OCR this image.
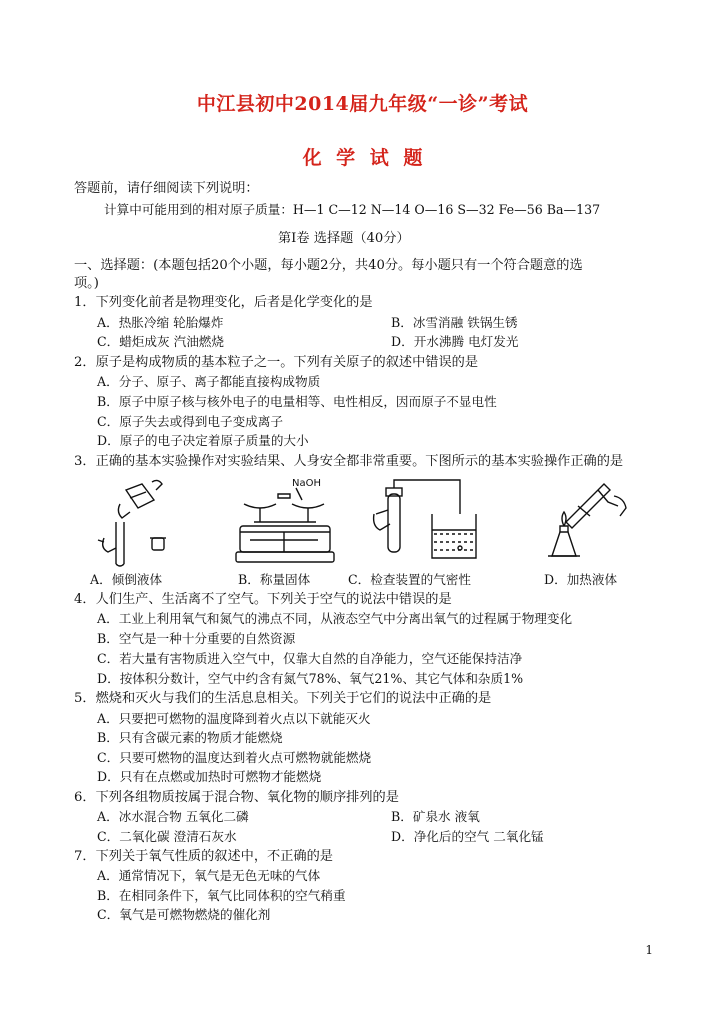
中江县初中2014届九年级“一诊”考试
化 学 试 题
答题前，请仔细阅读下列说明：
计算中可能用到的相对原子质量：H—1 C—12 N—14 O—16 S—32 Fe—56 Ba—137
第Ⅰ卷 选择题（40分）
一、选择题：(本题包括20个小题，每小题2分，共40分。每小题只有一个符合题意的选
项。)
1．下列变化前者是物理变化，后者是化学变化的是
A．热胀冷缩 轮胎爆炸	B．冰雪消融 铁锅生锈
C．蜡炬成灰 汽油燃烧	D．开水沸腾 电灯发光
2．原子是构成物质的基本粒子之一。下列有关原子的叙述中错误的是
A．分子、原子、离子都能直接构成物质
B．原子中原子核与核外电子的电量相等、电性相反，因而原子不显电性
C．原子失去或得到电子变成离子
D．原子的电子决定着原子质量的大小
3．正确的基本实验操作对实验结果、人身安全都非常重要。下图所示的基本实验操作正确的是
NaOH
A．倾倒液体	B．称量固体	C．检查装置的气密性	D．加热液体
4．人们生产、生活离不了空气。下列关于空气的说法中错误的是
A．工业上利用氧气和氮气的沸点不同，从液态空气中分离出氧气的过程属于物理变化
B．空气是一种十分重要的自然资源
C．若大量有害物质进入空气中，仅靠大自然的自净能力，空气还能保持洁净
D．按体积分数计，空气中约含有氮气78%、氧气21%、其它气体和杂质1%
5．燃烧和灭火与我们的生活息息相关。下列关于它们的说法中正确的是
A．只要把可燃物的温度降到着火点以下就能灭火
B．只有含碳元素的物质才能燃烧
C．只要可燃物的温度达到着火点可燃物就能燃烧
D．只有在点燃或加热时可燃物才能燃烧
6．下列各组物质按属于混合物、氧化物的顺序排列的是
A．冰水混合物 五氧化二磷	B．矿泉水 液氧
C．二氧化碳 澄清石灰水	D．净化后的空气 二氧化锰
7．下列关于氧气性质的叙述中，不正确的是
A．通常情况下，氧气是无色无味的气体
B．在相同条件下，氧气比同体积的空气稍重
C．氧气是可燃物燃烧的催化剂
1
